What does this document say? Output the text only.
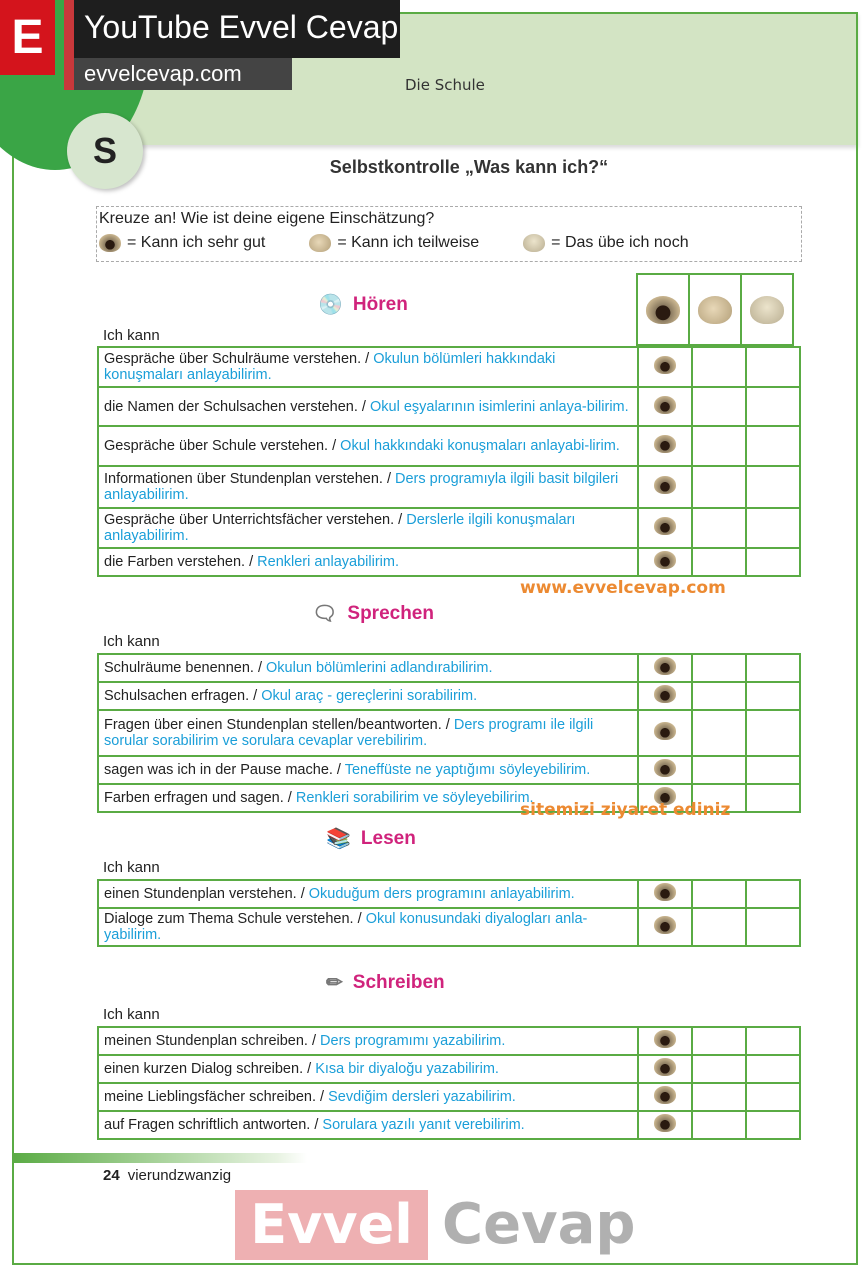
S
Die Schule
Selbstkontrolle „Was kann ich?“
Kreuze an! Wie ist deine eigene Einschätzung?
= Kann ich sehr gut	= Kann ich teilweise	= Das übe ich noch
💿 Hören
Ich kann
Gespräche über Schulräume verstehen. / Okulun bölümleri hakkındaki konuşmaları anlayabilirim.			
die Namen der Schulsachen verstehen. / Okul eşyalarının isimlerini anlaya-bilirim.			
Gespräche über Schule verstehen. / Okul hakkındaki konuşmaları anlayabi-lirim.			
Informationen über Stundenplan verstehen. / Ders programıyla ilgili basit bilgileri anlayabilirim.			
Gespräche über Unterrichtsfächer verstehen. / Derslerle ilgili konuşmaları anlayabilirim.			
die Farben verstehen. / Renkleri anlayabilirim.			
🗨 Sprechen
Ich kann
Schulräume benennen. / Okulun bölümlerini adlandırabilirim.			
Schulsachen erfragen. / Okul araç - gereçlerini sorabilirim.			
Fragen über einen Stundenplan stellen/beantworten. / Ders programı ile ilgili sorular sorabilirim ve sorulara cevaplar verebilirim.			
sagen was ich in der Pause mache. / Teneffüste ne yaptığımı söyleyebilirim.			
Farben erfragen und sagen. / Renkleri sorabilirim ve söyleyebilirim.			
📚 Lesen
Ich kann
einen Stundenplan verstehen. / Okuduğum ders programını anlayabilirim.			
Dialoge zum Thema Schule verstehen. / Okul konusundaki diyalogları anla-yabilirim.			
✏ Schreiben
Ich kann
meinen Stundenplan schreiben. / Ders programımı yazabilirim.			
einen kurzen Dialog schreiben. / Kısa bir diyaloğu yazabilirim.			
meine Lieblingsfächer schreiben. / Sevdiğim dersleri yazabilirim.			
auf Fragen schriftlich antworten. / Sorulara yazılı yanıt verebilirim.			
24 vierundzwanzig
www.evvelcevap.com
sitemizi ziyaret ediniz
E
evvelcevap.com
YouTube Evvel Cevap
Evvel Cevap
